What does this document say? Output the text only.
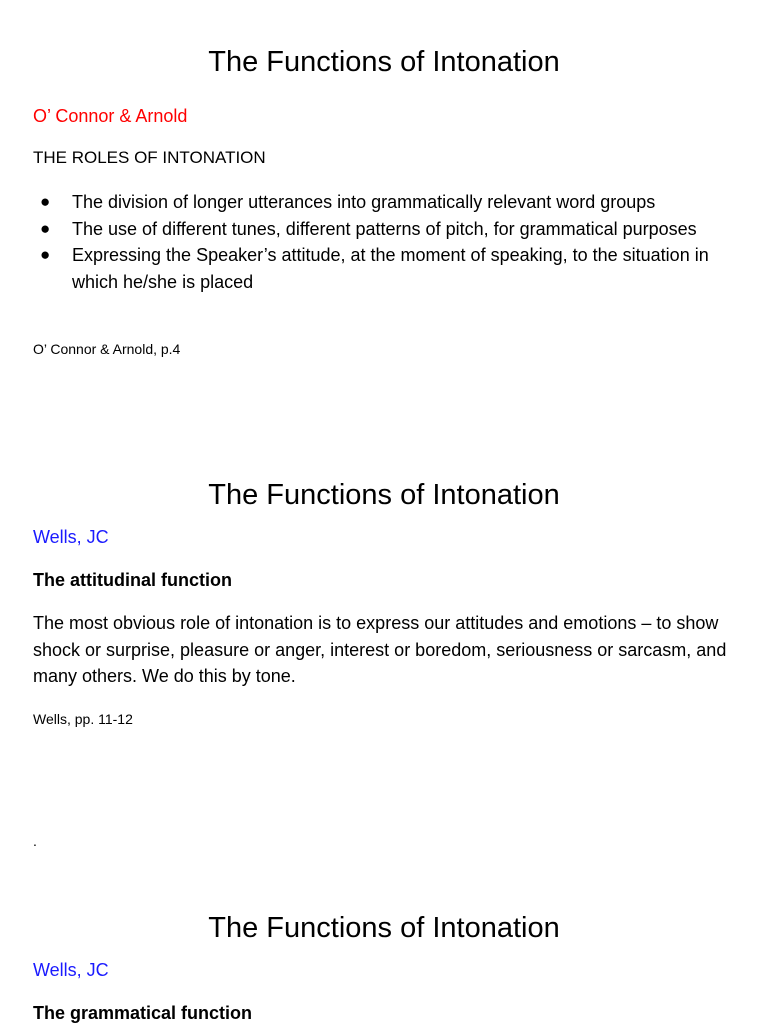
The Functions of Intonation
O’ Connor & Arnold
THE ROLES OF INTONATION
● The division of longer utterances into grammatically relevant word groups
● The use of different tunes, different patterns of pitch, for grammatical purposes
● Expressing the Speaker’s attitude, at the moment of speaking, to the situation in which he/she is placed
O’ Connor & Arnold, p.4
The Functions of Intonation
Wells, JC
The attitudinal function

The most obvious role of intonation is to express our attitudes and emotions – to show shock or surprise, pleasure or anger, interest or boredom, seriousness or sarcasm, and many others. We do this by tone.

Wells, pp. 11-12
.
The Functions of Intonation
Wells, JC
The grammatical function
